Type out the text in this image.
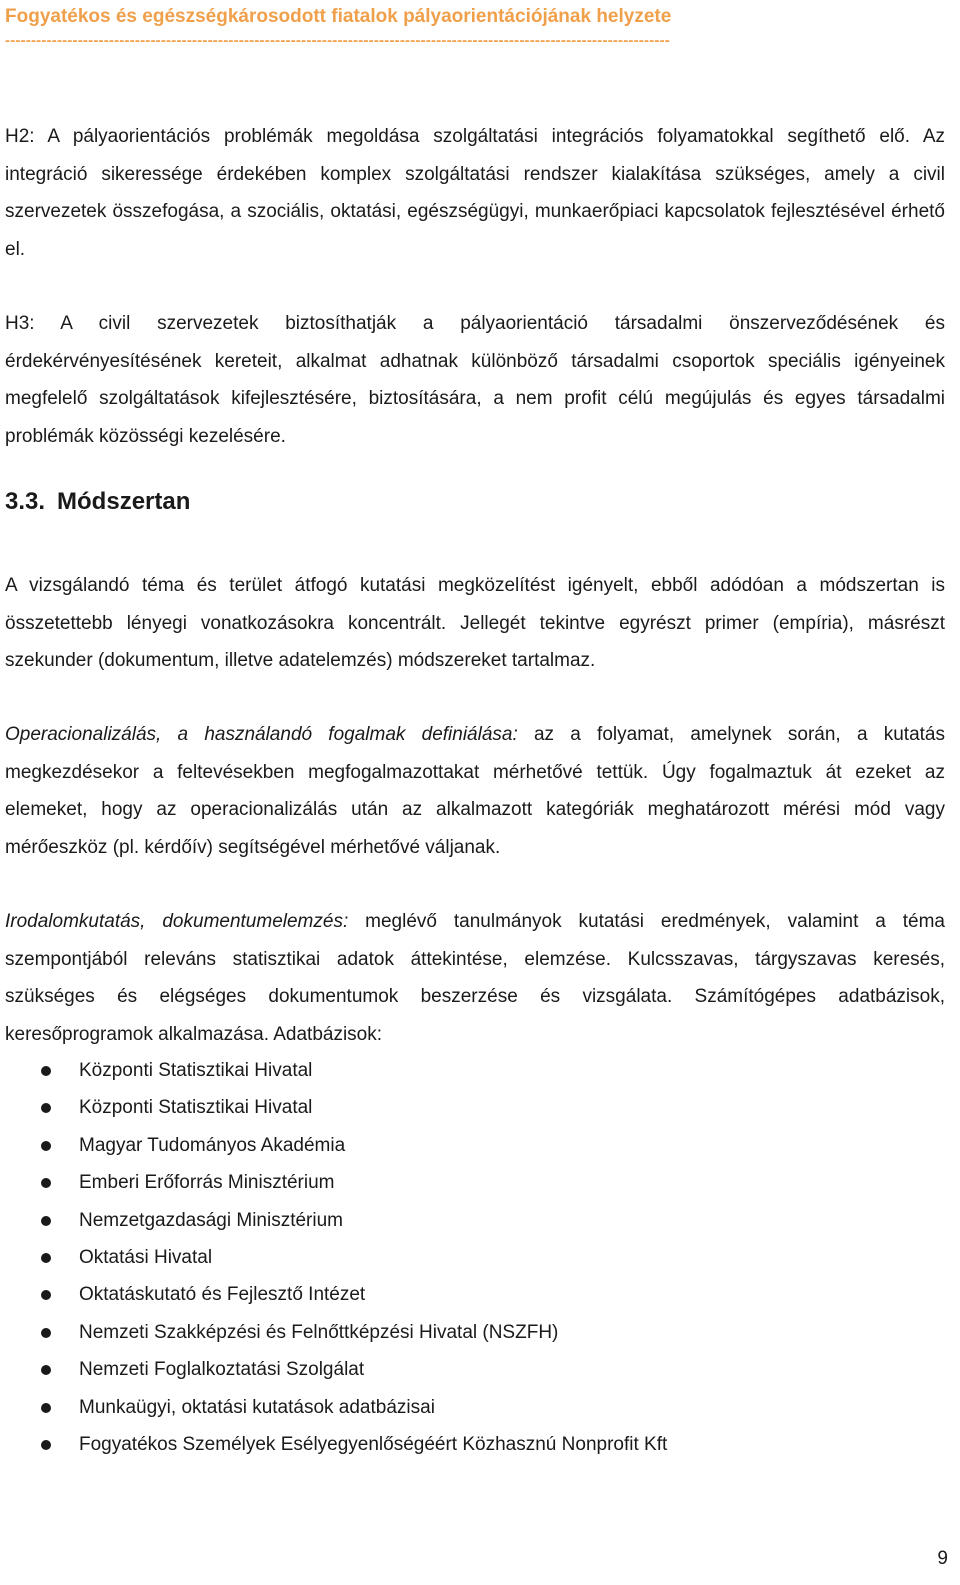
Fogyatékos és egészségkárosodott fiatalok pályaorientációjának helyzete
--------------------------------------------------------------------------------------------------------------------------------

H2: A pályaorientációs problémák megoldása szolgáltatási integrációs folyamatokkal segíthető elő. Az integráció sikeressége érdekében komplex szolgáltatási rendszer kialakítása szükséges, amely a civil szervezetek összefogása, a szociális, oktatási, egészségügyi, munkaerőpiaci kapcsolatok fejlesztésével érhető el.

H3: A civil szervezetek biztosíthatják a pályaorientáció társadalmi önszerveződésének és érdekérvényesítésének kereteit, alkalmat adhatnak különböző társadalmi csoportok speciális igényeinek megfelelő szolgáltatások kifejlesztésére, biztosítására, a nem profit célú megújulás és egyes társadalmi problémák közösségi kezelésére.

3.3. Módszertan

A vizsgálandó téma és terület átfogó kutatási megközelítést igényelt, ebből adódóan a módszertan is összetettebb lényegi vonatkozásokra koncentrált. Jellegét tekintve egyrészt primer (empíria), másrészt szekunder (dokumentum, illetve adatelemzés) módszereket tartalmaz.

Operacionalizálás, a használandó fogalmak definiálása: az a folyamat, amelynek során, a kutatás megkezdésekor a feltevésekben megfogalmazottakat mérhetővé tettük. Úgy fogalmaztuk át ezeket az elemeket, hogy az operacionalizálás után az alkalmazott kategóriák meghatározott mérési mód vagy mérőeszköz (pl. kérdőív) segítségével mérhetővé váljanak.

Irodalomkutatás, dokumentumelemzés: meglévő tanulmányok kutatási eredmények, valamint a téma szempontjából releváns statisztikai adatok áttekintése, elemzése. Kulcsszavas, tárgyszavas keresés, szükséges és elégséges dokumentumok beszerzése és vizsgálata. Számítógépes adatbázisok, keresőprogramok alkalmazása. Adatbázisok:

Központi Statisztikai Hivatal
Központi Statisztikai Hivatal
Magyar Tudományos Akadémia
Emberi Erőforrás Minisztérium
Nemzetgazdasági Minisztérium
Oktatási Hivatal
Oktatáskutató és Fejlesztő Intézet
Nemzeti Szakképzési és Felnőttképzési Hivatal (NSZFH)
Nemzeti Foglalkoztatási Szolgálat
Munkaügyi, oktatási kutatások adatbázisai
Fogyatékos Személyek Esélyegyenlőségéért Közhasznú Nonprofit Kft
9
